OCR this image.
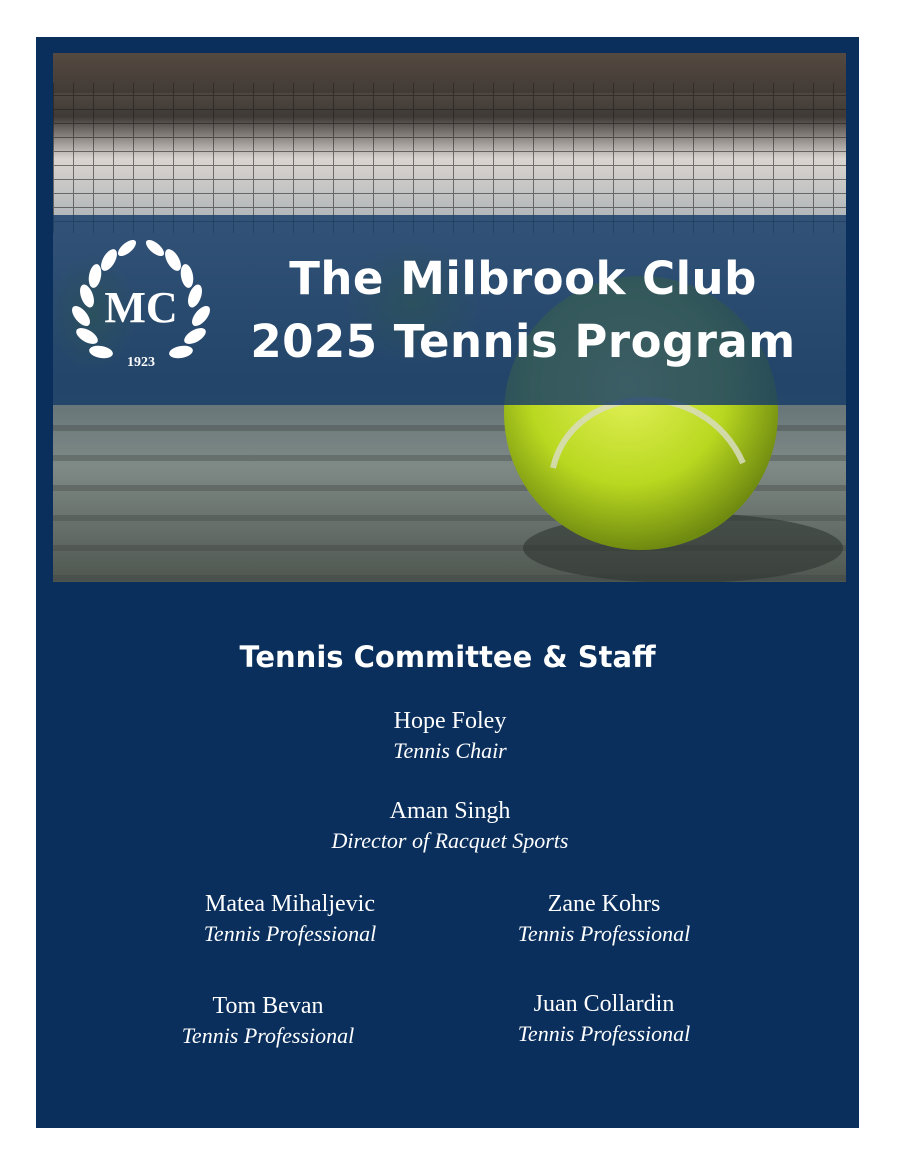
MC
1923
The Milbrook Club
2025 Tennis Program
Tennis Committee & Staff
Hope Foley
Tennis Chair
Aman Singh
Director of Racquet Sports
Matea Mihaljevic
Tennis Professional
Zane Kohrs
Tennis Professional
Tom Bevan
Tennis Professional
Juan Collardin
Tennis Professional
